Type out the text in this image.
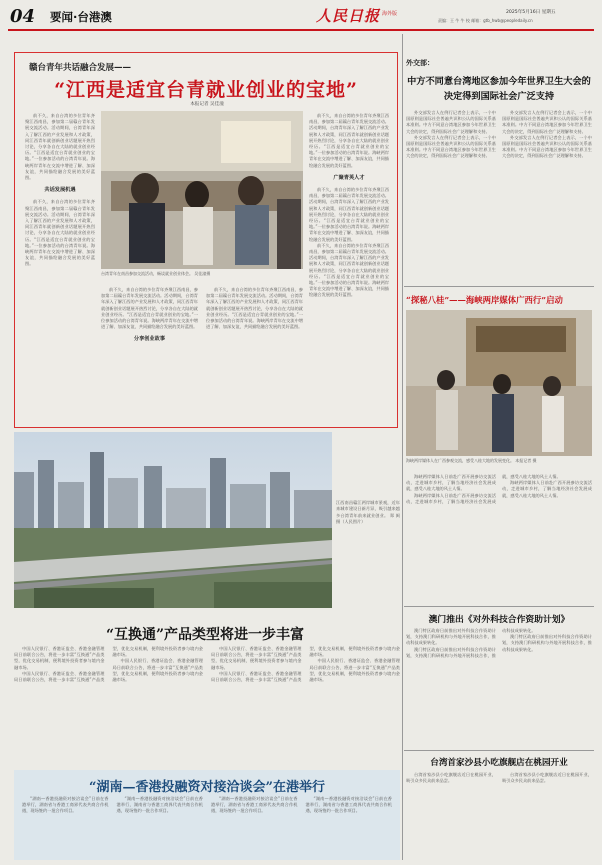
04 要闻·台港澳	人民日报 海外版	2025年5月16日 星期五
责编：王 牛 牛 校 邮箱：gtb_hwb@peopledaily.cn
赣台青年共话融合发展——
“江西是适宜台青就业创业的宝地”
本报记者 吴佳潼

前不久，来自台湾的多位青年齐聚江西南昌，参加第二届赣台青年发展交流活动。活动期间，台湾青年深入了解江西的产业发展和人才政策，同江西青年就创新创业话题展开热烈讨论，分享各自在大陆的就业创业经历。“江西是适宜台青就业创业的宝地。”一位参加活动的台湾青年说。海峡两岸青年在交流中增进了解、加深友谊，共同描绘融合发展的美好蓝图。

共话发展机遇

前不久，来自台湾的多位青年齐聚江西南昌，参加第二届赣台青年发展交流活动。活动期间，台湾青年深入了解江西的产业发展和人才政策，同江西青年就创新创业话题展开热烈讨论，分享各自在大陆的就业创业经历。“江西是适宜台青就业创业的宝地。”一位参加活动的台湾青年说。海峡两岸青年在交流中增进了解、加深友谊，共同描绘融合发展的美好蓝图。

台湾青年在南昌参加交流活动，畅谈就业创业体会。 吴佳潼摄

前不久，来自台湾的多位青年齐聚江西南昌，参加第二届赣台青年发展交流活动。活动期间，台湾青年深入了解江西的产业发展和人才政策，同江西青年就创新创业话题展开热烈讨论，分享各自在大陆的就业创业经历。“江西是适宜台青就业创业的宝地。”一位参加活动的台湾青年说。海峡两岸青年在交流中增进了解、加深友谊，共同描绘融合发展的美好蓝图。

广聚青英人才

前不久，来自台湾的多位青年齐聚江西南昌，参加第二届赣台青年发展交流活动。活动期间，台湾青年深入了解江西的产业发展和人才政策，同江西青年就创新创业话题展开热烈讨论，分享各自在大陆的就业创业经历。“江西是适宜台青就业创业的宝地。”一位参加活动的台湾青年说。海峡两岸青年在交流中增进了解、加深友谊，共同描绘融合发展的美好蓝图。

前不久，来自台湾的多位青年齐聚江西南昌，参加第二届赣台青年发展交流活动。活动期间，台湾青年深入了解江西的产业发展和人才政策，同江西青年就创新创业话题展开热烈讨论，分享各自在大陆的就业创业经历。“江西是适宜台青就业创业的宝地。”一位参加活动的台湾青年说。海峡两岸青年在交流中增进了解、加深友谊，共同描绘融合发展的美好蓝图。

前不久，来自台湾的多位青年齐聚江西南昌，参加第二届赣台青年发展交流活动。活动期间，台湾青年深入了解江西的产业发展和人才政策，同江西青年就创新创业话题展开热烈讨论，分享各自在大陆的就业创业经历。“江西是适宜台青就业创业的宝地。”一位参加活动的台湾青年说。海峡两岸青年在交流中增进了解、加深友谊，共同描绘融合发展的美好蓝图。

分享创业故事

前不久，来自台湾的多位青年齐聚江西南昌，参加第二届赣台青年发展交流活动。活动期间，台湾青年深入了解江西的产业发展和人才政策，同江西青年就创新创业话题展开热烈讨论，分享各自在大陆的就业创业经历。“江西是适宜台青就业创业的宝地。”一位参加活动的台湾青年说。海峡两岸青年在交流中增进了解、加深友谊，共同描绘融合发展的美好蓝图。

外交部：
中方不同意台湾地区参加今年世界卫生大会的决定得到国际社会广泛支持

外交部发言人在例行记者会上表示，一个中国原则是国际社会普遍共识和公认的国际关系基本准则。中方不同意台湾地区参加今年世界卫生大会的决定，得到国际社会广泛理解和支持。

外交部发言人在例行记者会上表示，一个中国原则是国际社会普遍共识和公认的国际关系基本准则。中方不同意台湾地区参加今年世界卫生大会的决定，得到国际社会广泛理解和支持。

外交部发言人在例行记者会上表示，一个中国原则是国际社会普遍共识和公认的国际关系基本准则。中方不同意台湾地区参加今年世界卫生大会的决定，得到国际社会广泛理解和支持。

外交部发言人在例行记者会上表示，一个中国原则是国际社会普遍共识和公认的国际关系基本准则。中方不同意台湾地区参加今年世界卫生大会的决定，得到国际社会广泛理解和支持。

“探秘八桂”——海峡两岸媒体广西行”启动
海峡两岸媒体人在广西参观交流，感受八桂大地的发展变化。 本报记者 摄

海峡两岸媒体人日前赴广西开展参访交流活动，走进城市乡村，了解当地经济社会发展成就，感受八桂大地的风土人情。

海峡两岸媒体人日前赴广西开展参访交流活动，走进城市乡村，了解当地经济社会发展成就，感受八桂大地的风土人情。

海峡两岸媒体人日前赴广西开展参访交流活动，走进城市乡村，了解当地经济社会发展成就，感受八桂大地的风土人情。

澳门推出《对外科技合作资助计划》

澳门特区政府日前推出对外科技合作资助计划，支持澳门科研机构与外地开展科技合作，推动科技成果转化。

澳门特区政府日前推出对外科技合作资助计划，支持澳门科研机构与外地开展科技合作，推动科技成果转化。

澳门特区政府日前推出对外科技合作资助计划，支持澳门科研机构与外地开展科技合作，推动科技成果转化。

台湾首家沙县小吃旗舰店在桃园开业

台湾首家沙县小吃旗舰店近日在桃园开业，吸引众多民众前来品尝。

台湾首家沙县小吃旗舰店近日在桃园开业，吸引众多民众前来品尝。

江西南昌赣江两岸城市景观，近年来城市建设日新月异，吸引越来越多台湾青年前来就业创业。 郑 闽摄（人民图片）
“互换通”产品类型将进一步丰富

中国人民银行、香港证监会、香港金融管理局日前联合公告，将进一步丰富“互换通”产品类型，优化交易机制，便利境外投资者参与境内金融市场。

中国人民银行、香港证监会、香港金融管理局日前联合公告，将进一步丰富“互换通”产品类型，优化交易机制，便利境外投资者参与境内金融市场。

中国人民银行、香港证监会、香港金融管理局日前联合公告，将进一步丰富“互换通”产品类型，优化交易机制，便利境外投资者参与境内金融市场。

中国人民银行、香港证监会、香港金融管理局日前联合公告，将进一步丰富“互换通”产品类型，优化交易机制，便利境外投资者参与境内金融市场。

中国人民银行、香港证监会、香港金融管理局日前联合公告，将进一步丰富“互换通”产品类型，优化交易机制，便利境外投资者参与境内金融市场。

中国人民银行、香港证监会、香港金融管理局日前联合公告，将进一步丰富“互换通”产品类型，优化交易机制，便利境外投资者参与境内金融市场。

“湖南—香港投融资对接洽谈会”在港举行

“湖南—香港投融资对接洽谈会”日前在香港举行，湖南省与香港工商界代表共商合作机遇，现场签约一批合作项目。

“湖南—香港投融资对接洽谈会”日前在香港举行，湖南省与香港工商界代表共商合作机遇，现场签约一批合作项目。

“湖南—香港投融资对接洽谈会”日前在香港举行，湖南省与香港工商界代表共商合作机遇，现场签约一批合作项目。

“湖南—香港投融资对接洽谈会”日前在香港举行，湖南省与香港工商界代表共商合作机遇，现场签约一批合作项目。
